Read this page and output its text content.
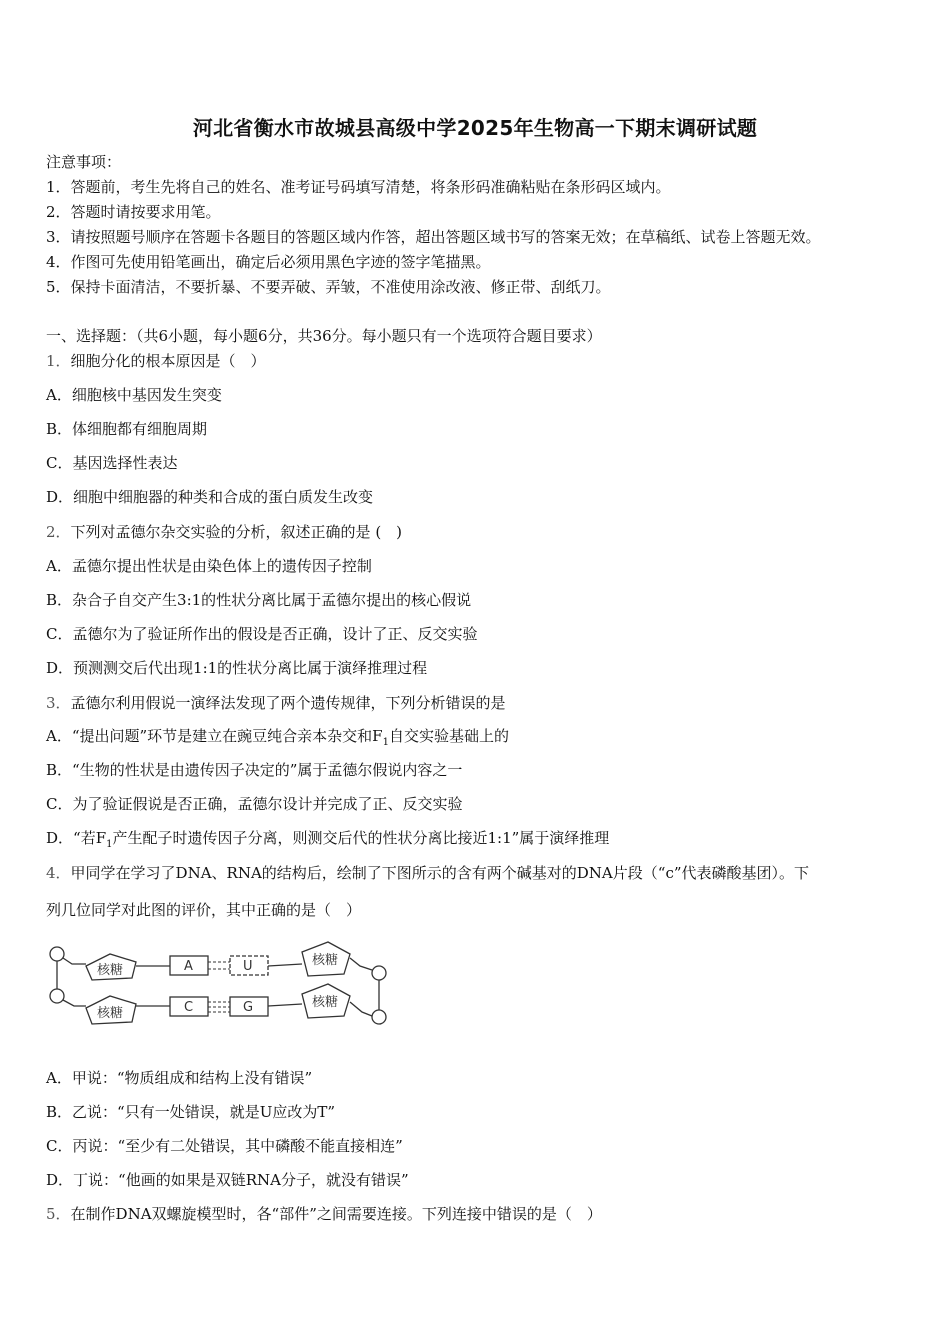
河北省衡水市故城县高级中学2025年生物高一下期末调研试题
注意事项：
1．答题前，考生先将自己的姓名、准考证号码填写清楚，将条形码准确粘贴在条形码区域内。
2．答题时请按要求用笔。
3．请按照题号顺序在答题卡各题目的答题区域内作答，超出答题区域书写的答案无效；在草稿纸、试卷上答题无效。
4．作图可先使用铅笔画出，确定后必须用黑色字迹的签字笔描黑。
5．保持卡面清洁，不要折暴、不要弄破、弄皱，不准使用涂改液、修正带、刮纸刀。
一、选择题：（共6小题，每小题6分，共36分。每小题只有一个选项符合题目要求）
1．细胞分化的根本原因是（　）
A．细胞核中基因发生突变
B．体细胞都有细胞周期
C．基因选择性表达
D．细胞中细胞器的种类和合成的蛋白质发生改变
2．下列对孟德尔杂交实验的分析，叙述正确的是 (　)
A．孟德尔提出性状是由染色体上的遗传因子控制
B．杂合子自交产生3:1的性状分离比属于孟德尔提出的核心假说
C．孟德尔为了验证所作出的假设是否正确，设计了正、反交实验
D．预测测交后代出现1:1的性状分离比属于演绎推理过程
3．孟德尔利用假说一演绎法发现了两个遗传规律，下列分析错误的是
A．“提出问题”环节是建立在豌豆纯合亲本杂交和$F_1$自交实验基础上的
B．“生物的性状是由遗传因子决定的”属于孟德尔假说内容之一
C．为了验证假说是否正确，孟德尔设计并完成了正、反交实验
D．“若$F_1$产生配子时遗传因子分离，则测交后代的性状分离比接近1:1”属于演绎推理
4．甲同学在学习了DNA、RNA的结构后，绘制了下图所示的含有两个碱基对的DNA片段（“c”代表磷酸基团）。下
列几位同学对此图的评价，其中正确的是（　）
核糖	A	U	核糖
核糖	C	G	核糖
A．甲说：“物质组成和结构上没有错误”
B．乙说：“只有一处错误，就是U应改为T”
C．丙说：“至少有二处错误，其中磷酸不能直接相连”
D．丁说：“他画的如果是双链RNA分子，就没有错误”
5．在制作DNA双螺旋模型时，各“部件”之间需要连接。下列连接中错误的是（　）
